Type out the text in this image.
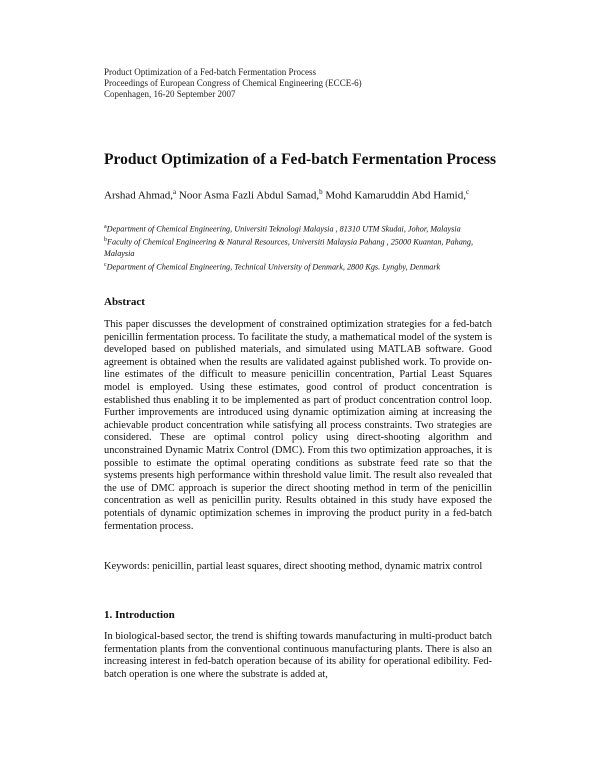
Product Optimization of a Fed-batch Fermentation Process
Proceedings of European Congress of Chemical Engineering (ECCE-6)
Copenhagen, 16-20 September 2007
Product Optimization of a Fed-batch Fermentation Process
Arshad Ahmad,$^a$ Noor Asma Fazli Abdul Samad,$^b$ Mohd Kamaruddin Abd Hamid,$^c$

$^a$Department of Chemical Engineering, Universiti Teknologi Malaysia , 81310 UTM Skudai, Johor, Malaysia

$^b$Faculty of Chemical Engineering & Natural Resources, Universiti Malaysia Pahang , 25000 Kuantan, Pahang, Malaysia

$^c$Department of Chemical Engineering, Technical University of Denmark, 2800 Kgs. Lyngby, Denmark

Abstract

This paper discusses the development of constrained optimization strategies for a fed-batch penicillin fermentation process. To facilitate the study, a mathematical model of the system is developed based on published materials, and simulated using MATLAB software. Good agreement is obtained when the results are validated against published work. To provide on-line estimates of the difficult to measure penicillin concentration, Partial Least Squares model is employed. Using these estimates, good control of product concentration is established thus enabling it to be implemented as part of product concentration control loop. Further improvements are introduced using dynamic optimization aiming at increasing the achievable product concentration while satisfying all process constraints. Two strategies are considered. These are optimal control policy using direct-shooting algorithm and unconstrained Dynamic Matrix Control (DMC). From this two optimization approaches, it is possible to estimate the optimal operating conditions as substrate feed rate so that the systems presents high performance within threshold value limit. The result also revealed that the use of DMC approach is superior the direct shooting method in term of the penicillin concentration as well as penicillin purity. Results obtained in this study have exposed the potentials of dynamic optimization schemes in improving the product purity in a fed-batch fermentation process.

Keywords: penicillin, partial least squares, direct shooting method, dynamic matrix control

1. Introduction

In biological-based sector, the trend is shifting towards manufacturing in multi-product batch fermentation plants from the conventional continuous manufacturing plants. There is also an increasing interest in fed-batch operation because of its ability for operational edibility. Fed-batch operation is one where the substrate is added at,
